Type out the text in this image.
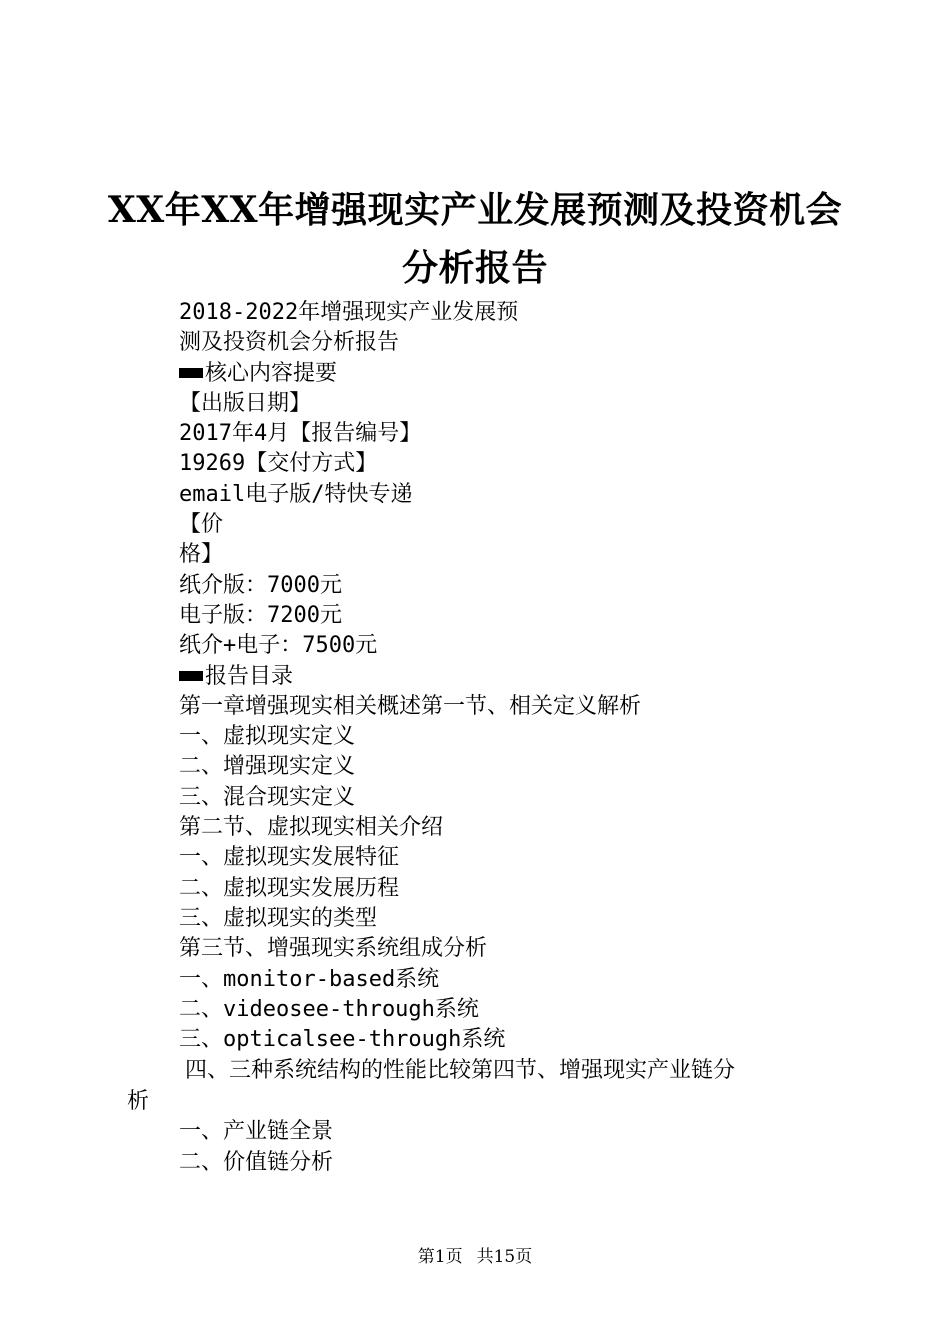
XX年XX年增强现实产业发展预测及投资机会
分析报告
2018-2022年增强现实产业发展预
测及投资机会分析报告
核心内容提要
【出版日期】
2017年4月【报告编号】
19269【交付方式】
email电子版/特快专递
【价
格】
纸介版：7000元
电子版：7200元
纸介+电子：7500元
报告目录
第一章增强现实相关概述第一节、相关定义解析
一、虚拟现实定义
二、增强现实定义
三、混合现实定义
第二节、虚拟现实相关介绍
一、虚拟现实发展特征
二、虚拟现实发展历程
三、虚拟现实的类型
第三节、增强现实系统组成分析
一、monitor-based系统
二、videosee-through系统
三、opticalsee-through系统
四、三种系统结构的性能比较第四节、增强现实产业链分
析
一、产业链全景
二、价值链分析
第1页 共15页
